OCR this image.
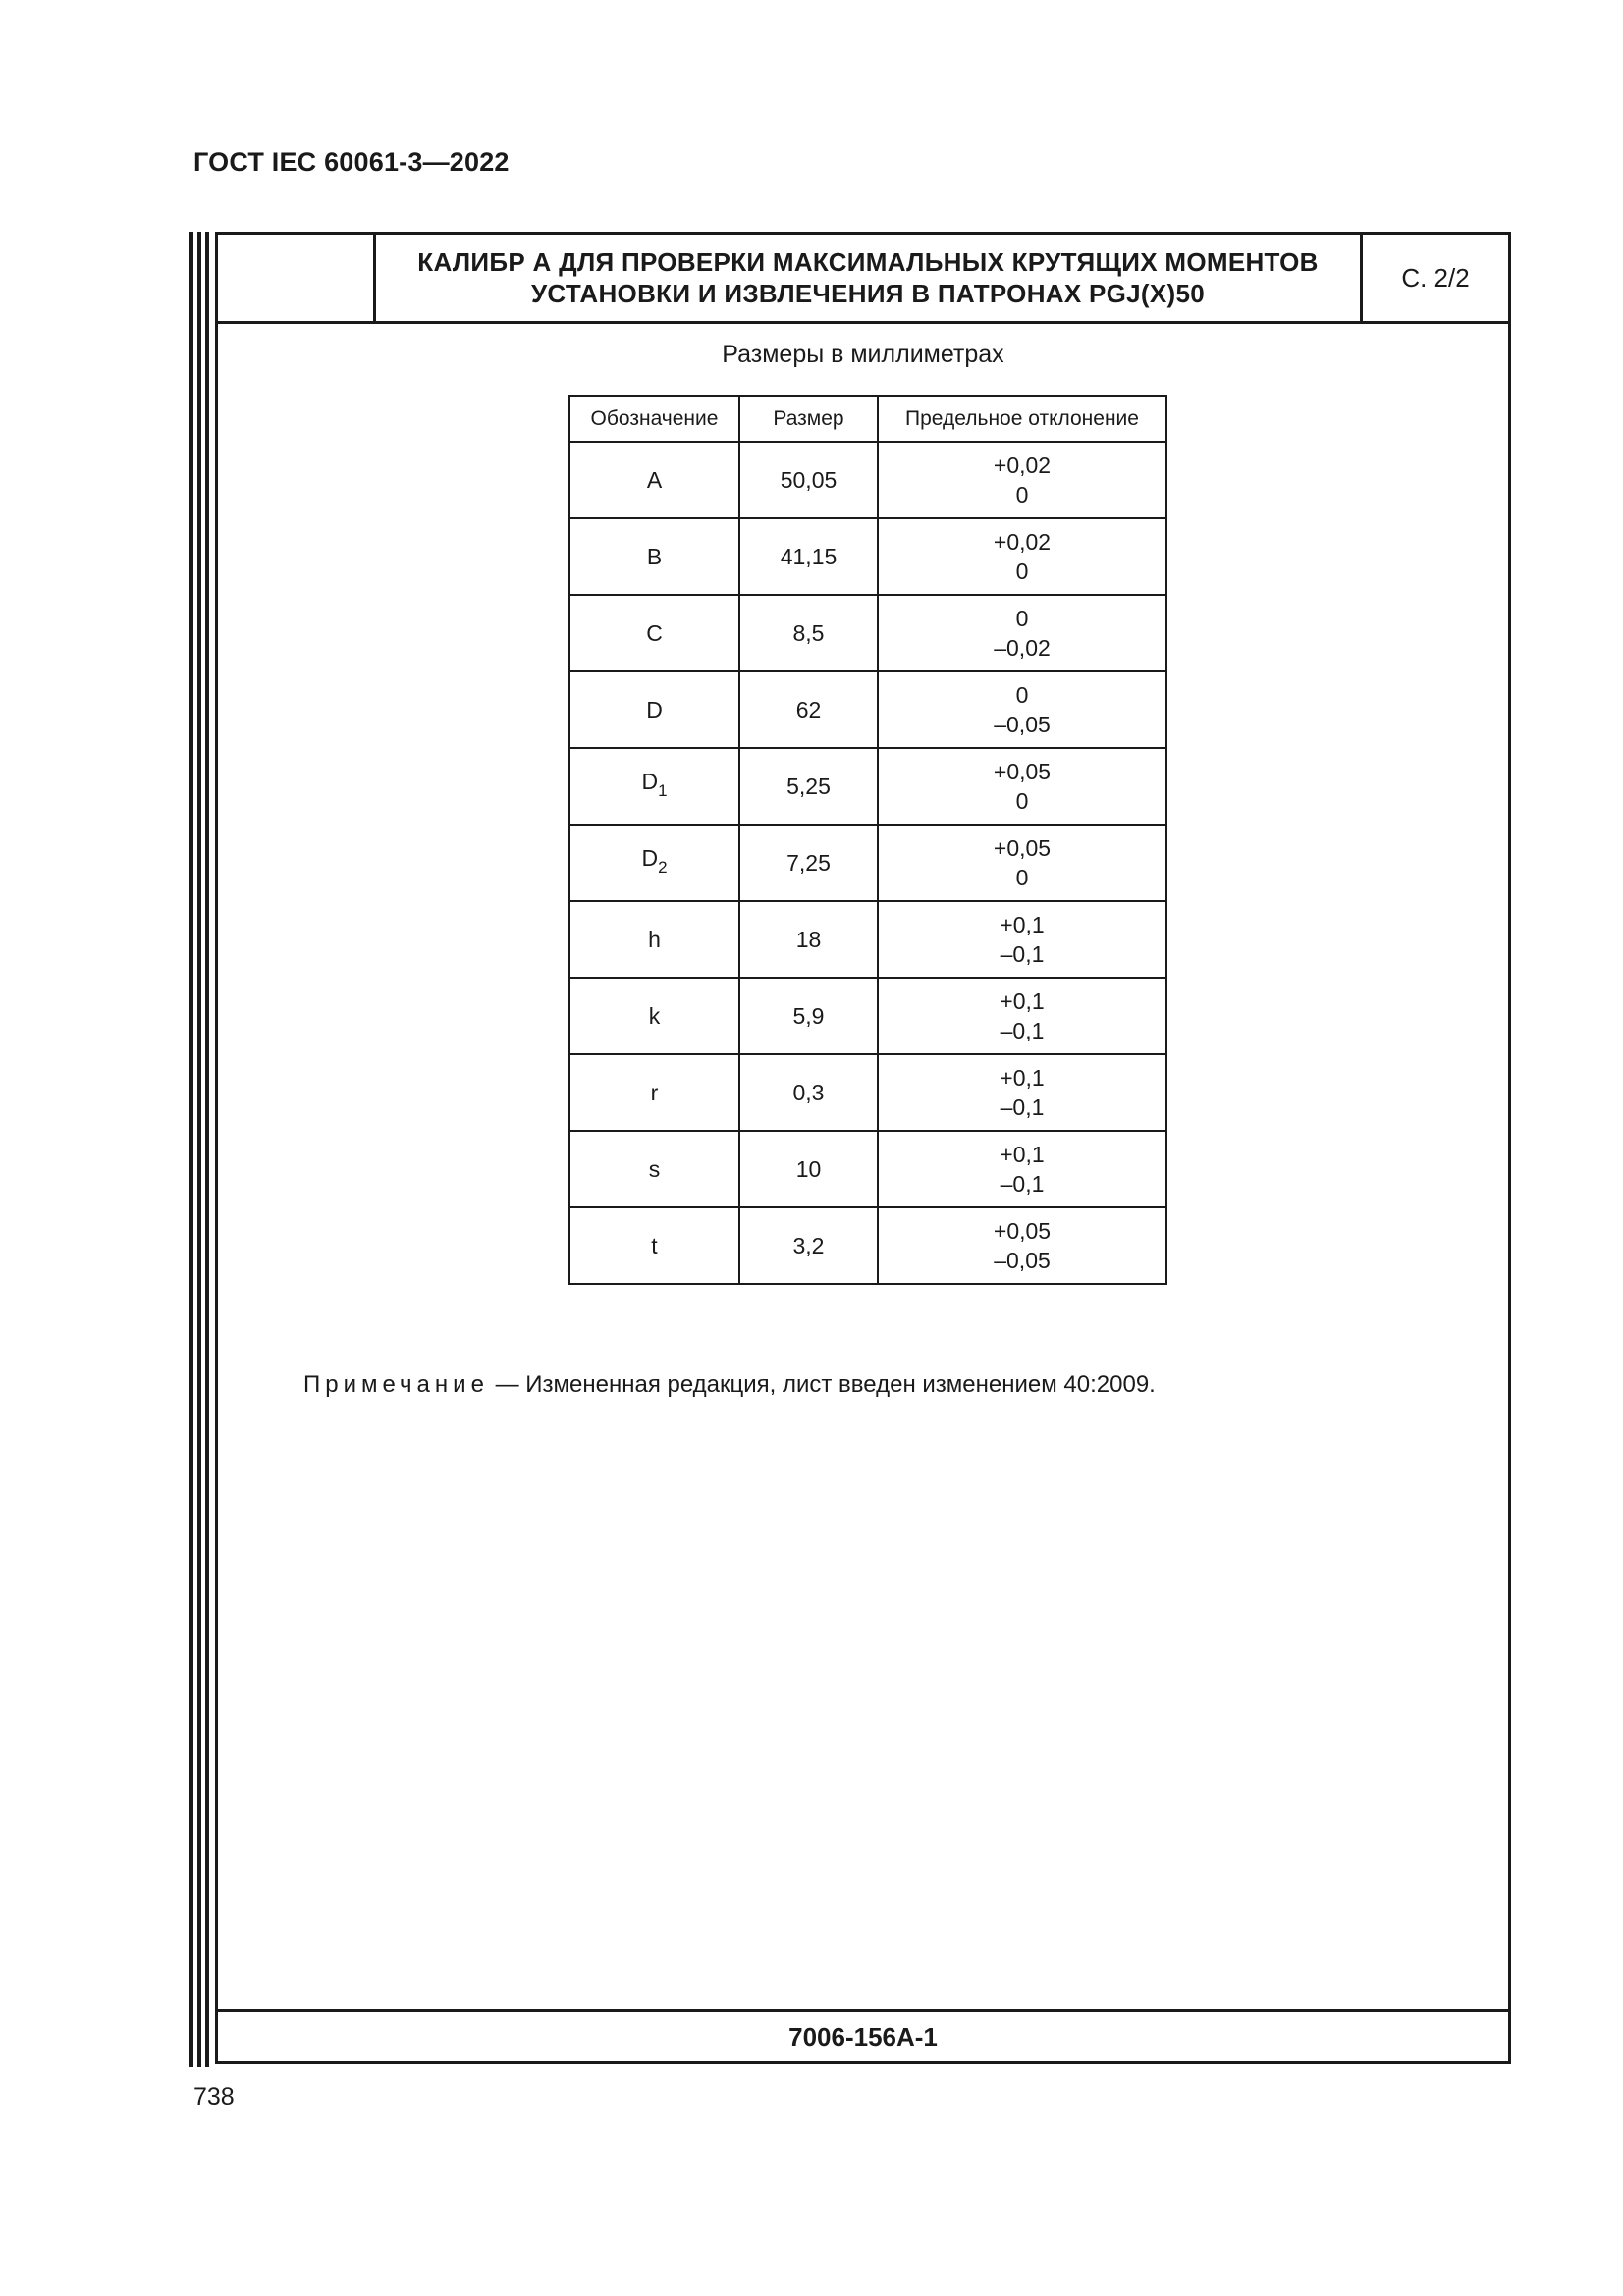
ГОСТ IEC 60061-3—2022
КАЛИБР А ДЛЯ ПРОВЕРКИ МАКСИМАЛЬНЫХ КРУТЯЩИХ МОМЕНТОВ
УСТАНОВКИ И ИЗВЛЕЧЕНИЯ В ПАТРОНАХ PGJ(X)50
С. 2/2
Размеры в миллиметрах
Обозначение	Размер	Предельное отклонение
A	50,05	+0,02
0

B	41,15	+0,02
0

C	8,5	0
–0,02

D	62	0
–0,05

$D_1$	5,25	+0,05
0

$D_2$	7,25	+0,05
0

h	18	+0,1
–0,1

k	5,9	+0,1
–0,1

r	0,3	+0,1
–0,1

s	10	+0,1
–0,1

t	3,2	+0,05
–0,05
Примечание — Измененная редакция, лист введен изменением 40:2009.
7006-156А-1
738
